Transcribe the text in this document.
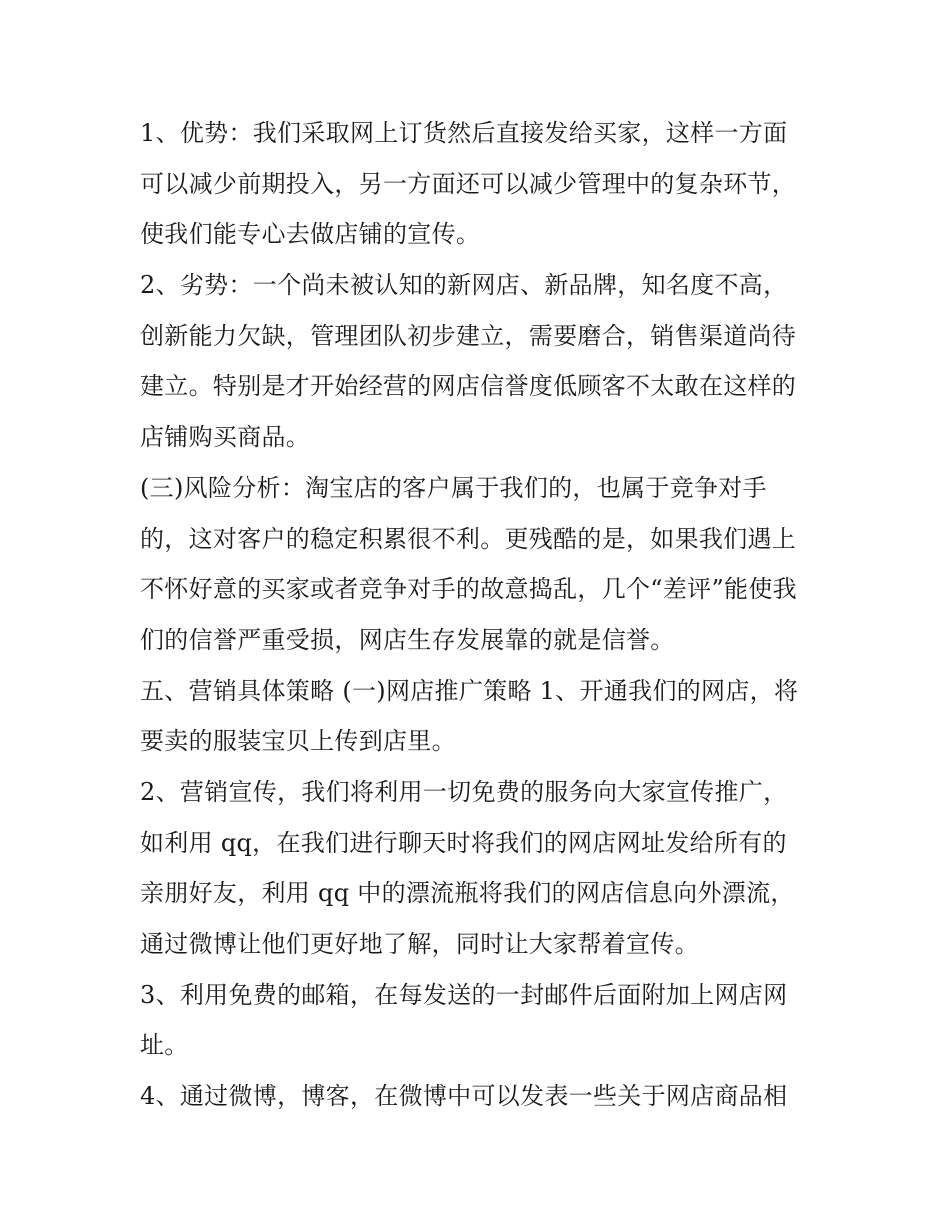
1、优势：我们采取网上订货然后直接发给买家，这样一方面
可以减少前期投入，另一方面还可以减少管理中的复杂环节，
使我们能专心去做店铺的宣传。
2、劣势：一个尚未被认知的新网店、新品牌，知名度不高，
创新能力欠缺，管理团队初步建立，需要磨合，销售渠道尚待
建立。特别是才开始经营的网店信誉度低顾客不太敢在这样的
店铺购买商品。
(三)风险分析：淘宝店的客户属于我们的，也属于竞争对手
的，这对客户的稳定积累很不利。更残酷的是，如果我们遇上
不怀好意的买家或者竞争对手的故意捣乱，几个“差评”能使我
们的信誉严重受损，网店生存发展靠的就是信誉。
五、营销具体策略 (一)网店推广策略 1、开通我们的网店，将
要卖的服装宝贝上传到店里。
2、营销宣传，我们将利用一切免费的服务向大家宣传推广，
如利用 qq，在我们进行聊天时将我们的网店网址发给所有的
亲朋好友，利用 qq 中的漂流瓶将我们的网店信息向外漂流，
通过微博让他们更好地了解，同时让大家帮着宣传。
3、利用免费的邮箱，在每发送的一封邮件后面附加上网店网
址。
4、通过微博，博客，在微博中可以发表一些关于网店商品相
